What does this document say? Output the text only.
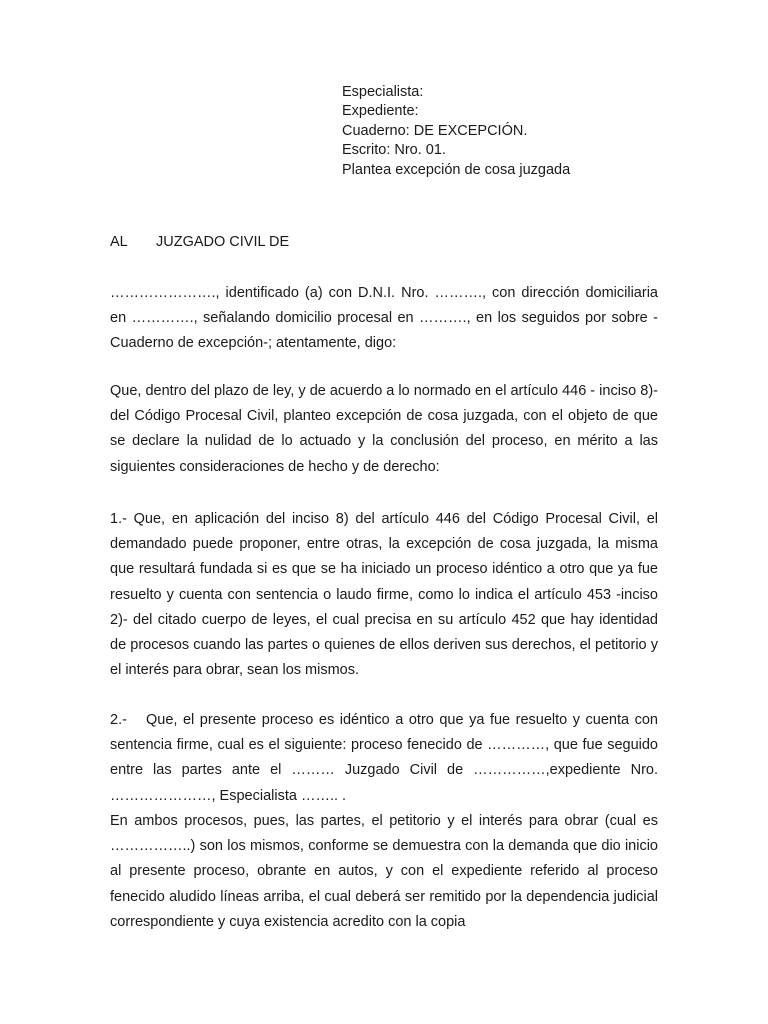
Especialista:
Expediente:
Cuaderno: DE EXCEPCIÓN.
Escrito: Nro. 01.
Plantea excepción de cosa juzgada
AL JUZGADO CIVIL DE

…………………., identificado (a) con D.N.I. Nro. ………., con dirección domiciliaria en …………., señalando domicilio procesal en ………., en los seguidos por sobre -Cuaderno de excepción-; atentamente, digo:

Que, dentro del plazo de ley, y de acuerdo a lo normado en el artículo 446 - inciso 8)- del Código Procesal Civil, planteo excepción de cosa juzgada, con el objeto de que se declare la nulidad de lo actuado y la conclusión del proceso, en mérito a las siguientes consideraciones de hecho y de derecho:

1.- Que, en aplicación del inciso 8) del artículo 446 del Código Procesal Civil, el demandado puede proponer, entre otras, la excepción de cosa juzgada, la misma que resultará fundada si es que se ha iniciado un proceso idéntico a otro que ya fue resuelto y cuenta con sentencia o laudo firme, como lo indica el artículo 453 -inciso 2)- del citado cuerpo de leyes, el cual precisa en su artículo 452 que hay identidad de procesos cuando las partes o quienes de ellos deriven sus derechos, el petitorio y el interés para obrar, sean los mismos.

2.- Que, el presente proceso es idéntico a otro que ya fue resuelto y cuenta con sentencia firme, cual es el siguiente: proceso fenecido de …………, que fue seguido entre las partes ante el ……… Juzgado Civil de ……………,expediente Nro. …………………, Especialista …….. .

En ambos procesos, pues, las partes, el petitorio y el interés para obrar (cual es ……………..) son los mismos, conforme se demuestra con la demanda que dio inicio al presente proceso, obrante en autos, y con el expediente referido al proceso fenecido aludido líneas arriba, el cual deberá ser remitido por la dependencia judicial correspondiente y cuya existencia acredito con la copia
